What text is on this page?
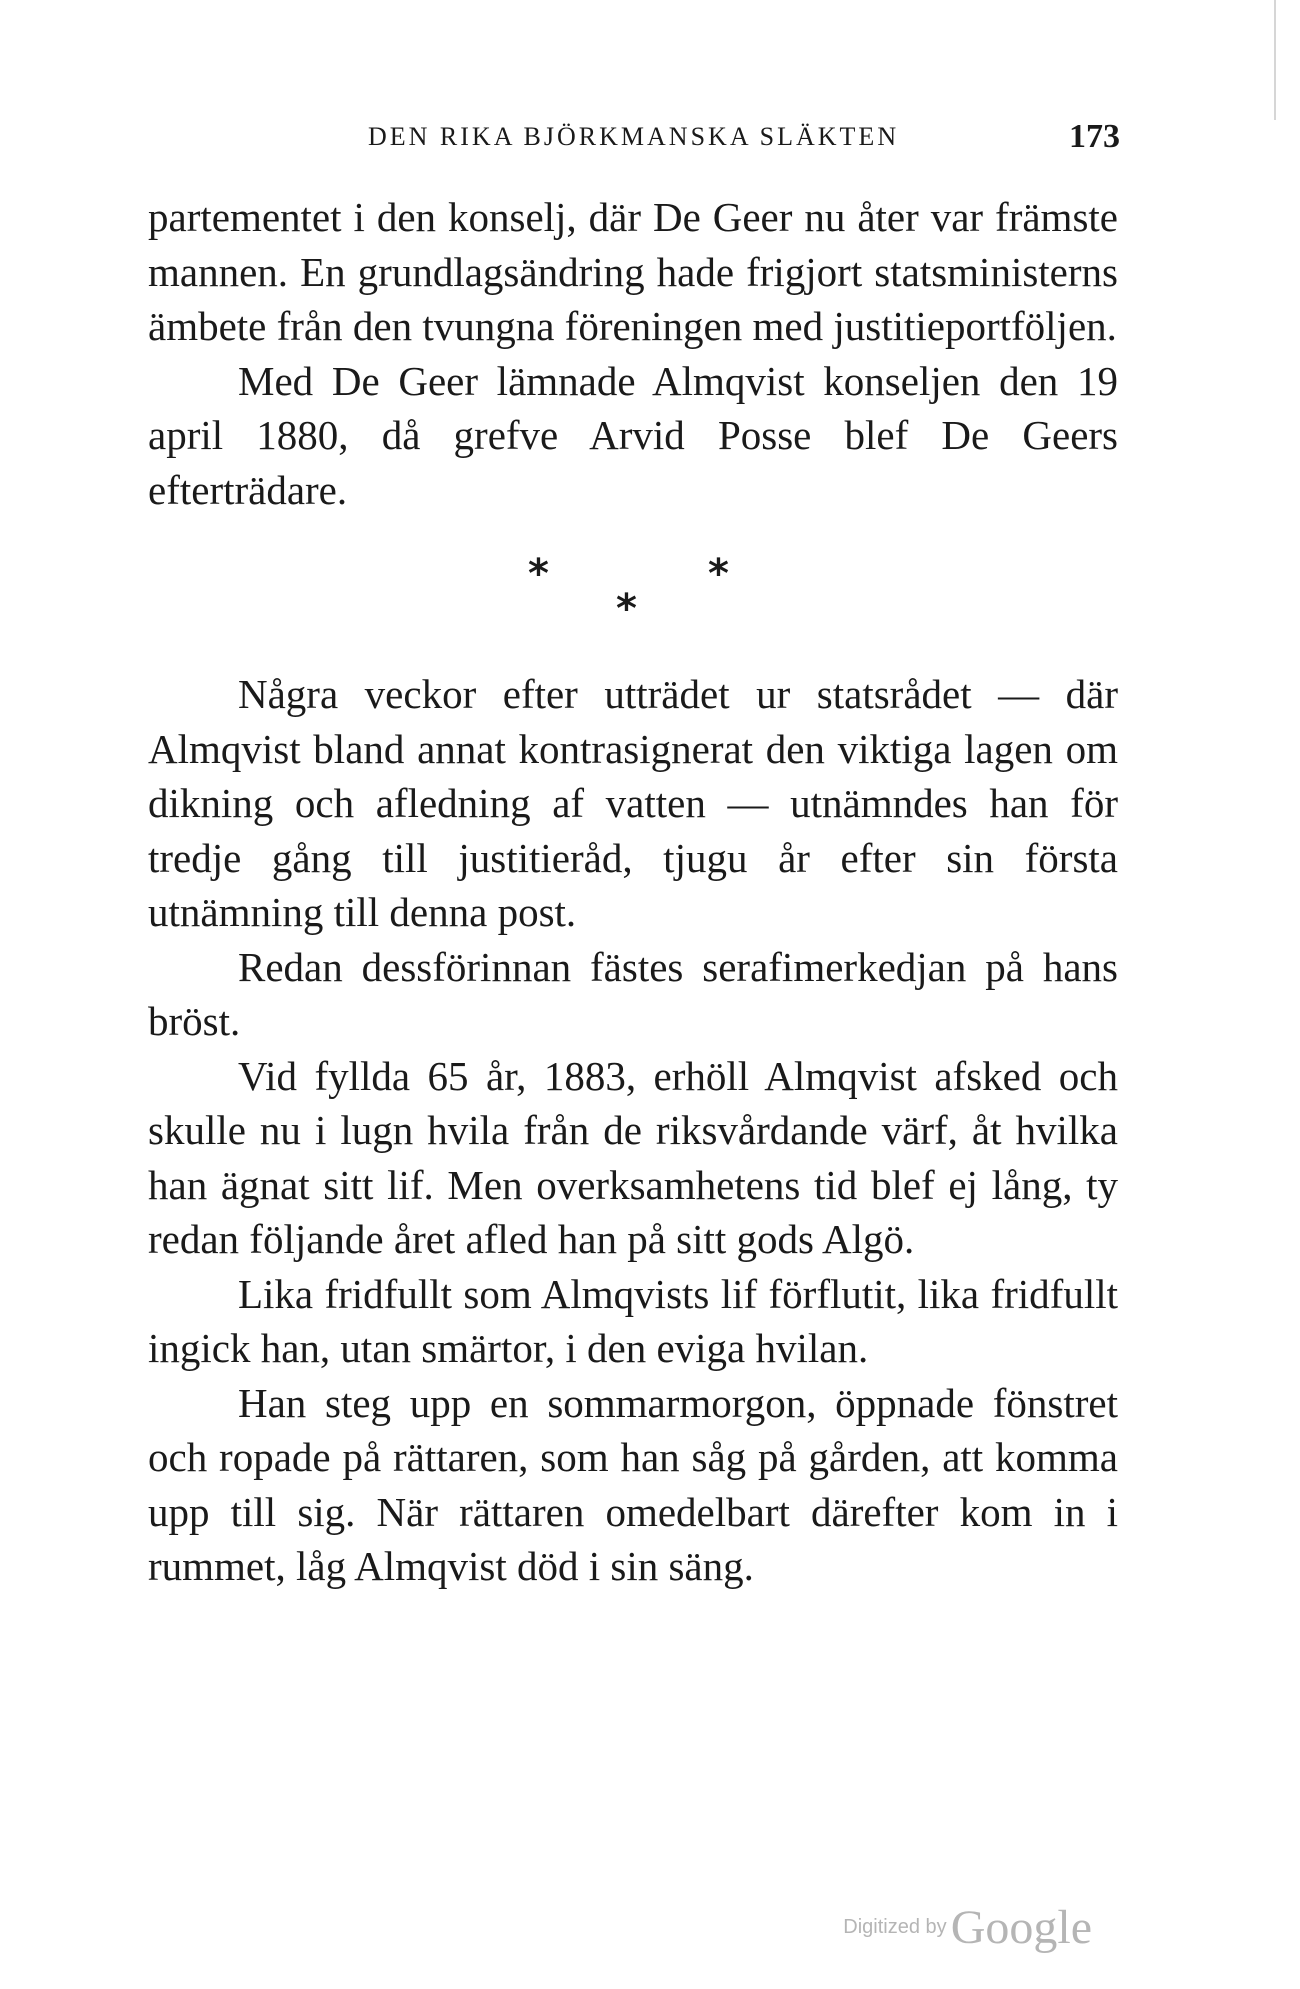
DEN RIKA BJÖRKMANSKA SLÄKTEN	173

partementet i den konselj, där De Geer nu åter var främste mannen. En grundlagsändring hade frigjort statsministerns ämbete från den tvungna föreningen med justitieportföljen.

Med De Geer lämnade Almqvist konseljen den 19 april 1880, då grefve Arvid Posse blef De Geers efterträdare.

*	*
*

Några veckor efter utträdet ur statsrådet — där Almqvist bland annat kontrasignerat den viktiga lagen om dikning och afledning af vatten — utnämndes han för tredje gång till justitieråd, tjugu år efter sin första utnämning till denna post.

Redan dessförinnan fästes serafimerkedjan på hans bröst.

Vid fyllda 65 år, 1883, erhöll Almqvist afsked och skulle nu i lugn hvila från de riksvårdande värf, åt hvilka han ägnat sitt lif. Men overksamhetens tid blef ej lång, ty redan följande året afled han på sitt gods Algö.

Lika fridfullt som Almqvists lif förflutit, lika fridfullt ingick han, utan smärtor, i den eviga hvilan.

Han steg upp en sommarmorgon, öppnade fönstret och ropade på rättaren, som han såg på gården, att komma upp till sig. När rättaren omedelbart därefter kom in i rummet, låg Almqvist död i sin säng.

Digitized by Google
